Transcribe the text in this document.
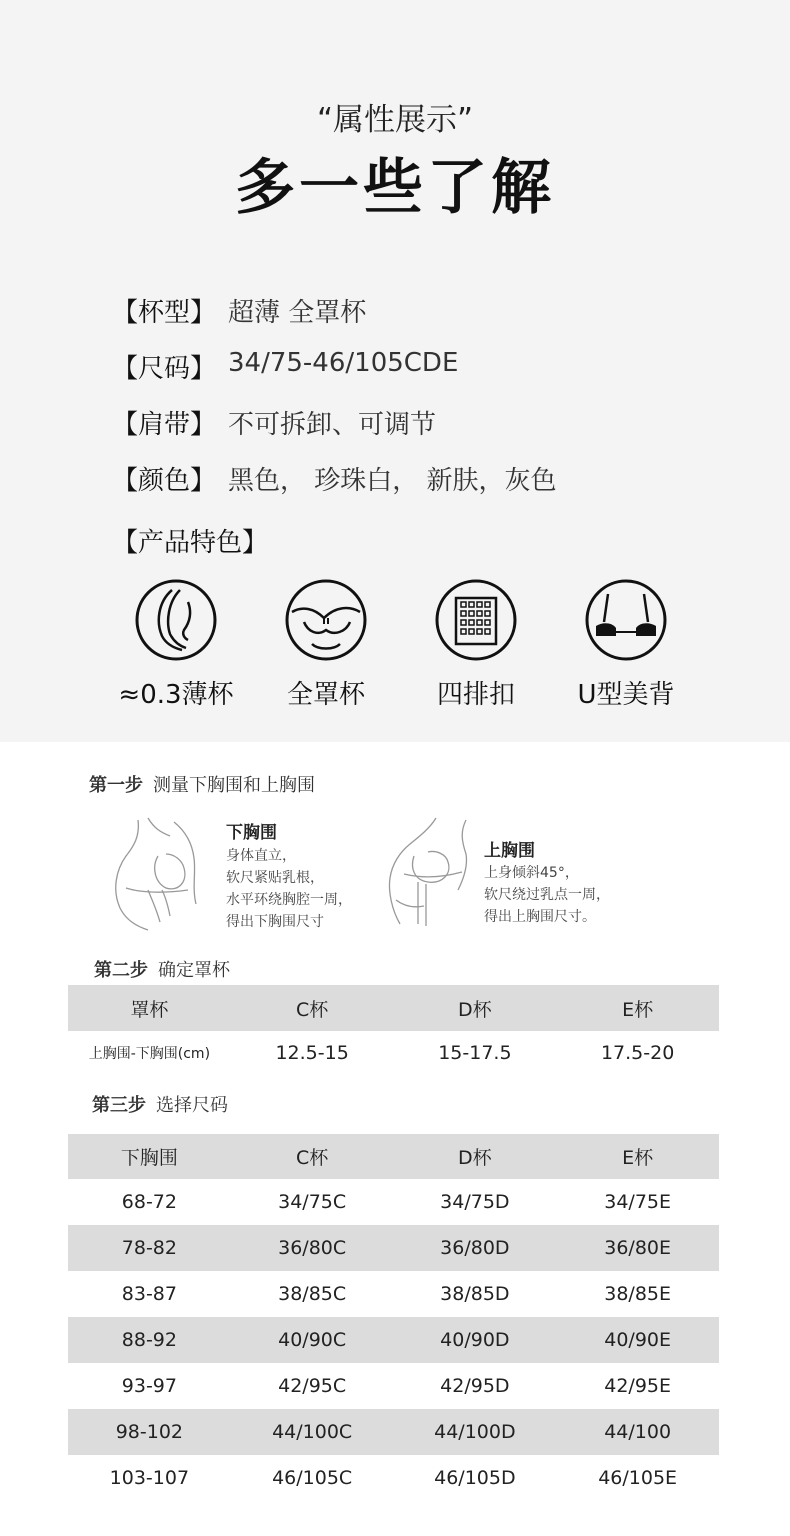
“属性展示”
多一些了解
【杯型】 超薄 全罩杯
【尺码】 34/75-46/105CDE
【肩带】 不可拆卸、可调节
【颜色】 黑色， 珍珠白， 新肤，灰色
【产品特色】
≈0.3薄杯	全罩杯	四排扣	U型美背
第一步 测量下胸围和上胸围
下胸围
身体直立，
软尺紧贴乳根，
水平环绕胸腔一周，
得出下胸围尺寸
上胸围
上身倾斜45°，
软尺绕过乳点一周，
得出上胸围尺寸。
第二步 确定罩杯
罩杯	C杯	D杯	E杯
上胸围-下胸围(cm)	12.5-15	15-17.5	17.5-20
第三步 选择尺码
下胸围	C杯	D杯	E杯
68-72	34/75C	34/75D	34/75E
78-82	36/80C	36/80D	36/80E
83-87	38/85C	38/85D	38/85E
88-92	40/90C	40/90D	40/90E
93-97	42/95C	42/95D	42/95E
98-102	44/100C	44/100D	44/100
103-107	46/105C	46/105D	46/105E
